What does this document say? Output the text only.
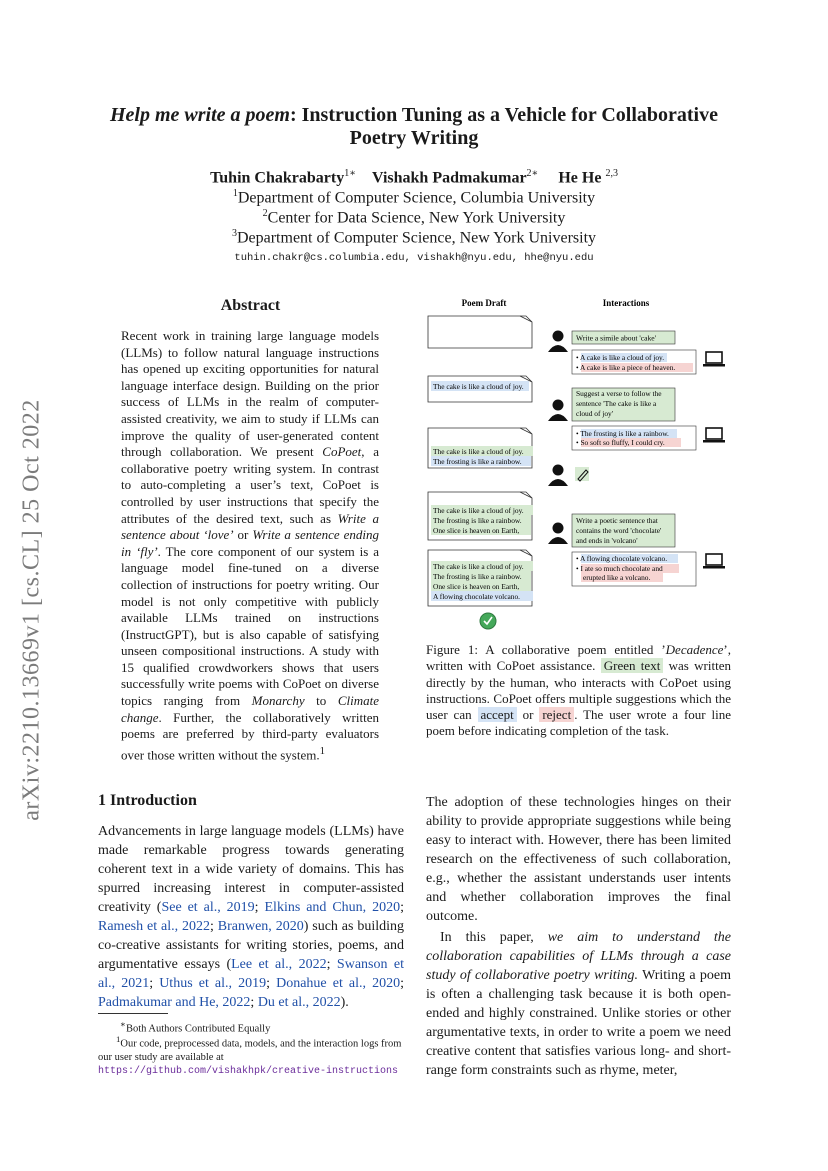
arXiv:2210.13669v1 [cs.CL] 25 Oct 2022
Help me write a poem: Instruction Tuning as a Vehicle for Collaborative
Poetry Writing
Tuhin Chakrabarty$^{1∗}$ Vishakh Padmakumar$^{2∗}$ He He $^{2,3}$
$^1$Department of Computer Science, Columbia University
$^2$Center for Data Science, New York University
$^3$Department of Computer Science, New York University
tuhin.chakr@cs.columbia.edu, vishakh@nyu.edu, hhe@nyu.edu
Abstract

Recent work in training large language models (LLMs) to follow natural language instructions has opened up exciting opportunities for natural language interface design. Building on the prior success of LLMs in the realm of computer-assisted creativity, we aim to study if LLMs can improve the quality of user-generated content through collaboration. We present CoPoet, a collaborative poetry writing system. In contrast to auto-completing a user’s text, CoPoet is controlled by user instructions that specify the attributes of the desired text, such as Write a sentence about ‘love’ or Write a sentence ending in ‘fly’. The core component of our system is a language model fine-tuned on a diverse collection of instructions for poetry writing. Our model is not only competitive with publicly available LLMs trained on instructions (InstructGPT), but is also capable of satisfying unseen compositional instructions. A study with 15 qualified crowdworkers shows that users successfully write poems with CoPoet on diverse topics ranging from Monarchy to Climate change. Further, the collaboratively written poems are preferred by third-party evaluators over those written without the system.$^1$

1 Introduction

Advancements in large language models (LLMs) have made remarkable progress towards generating coherent text in a wide variety of domains. This has spurred increasing interest in computer-assisted creativity (See et al., 2019; Elkins and Chun, 2020; Ramesh et al., 2022; Branwen, 2020) such as building co-creative assistants for writing stories, poems, and argumentative essays (Lee et al., 2022; Swanson et al., 2021; Uthus et al., 2019; Donahue et al., 2020; Padmakumar and He, 2022; Du et al., 2022).

∗Both Authors Contributed Equally
$^1$Our code, preprocessed data, models, and the interaction logs from our user study are available at https://github.com/vishakhpk/creative-instructions
Poem Draft	Interactions
Write a simile about 'cake'
• A cake is like a cloud of joy.
• A cake is like a piece of heaven.
The cake is like a cloud of joy.
Suggest a verse to follow the
sentence 'The cake is like a
cloud of joy'
• The frosting is like a rainbow.
• So soft so fluffy, I could cry.
The cake is like a cloud of joy.
The frosting is like a rainbow.
The cake is like a cloud of joy.
The frosting is like a rainbow.
One slice is heaven on Earth,
Write a poetic sentence that
contains the word 'chocolate'
and ends in 'volcano'
• A flowing chocolate volcano.
• I ate so much chocolate and
erupted like a volcano.
The cake is like a cloud of joy.
The frosting is like a rainbow.
One slice is heaven on Earth,
A flowing chocolate volcano.
Figure 1: A collaborative poem entitled ’Decadence’, written with CoPoet assistance. Green text was written directly by the human, who interacts with CoPoet using instructions. CoPoet offers multiple suggestions which the user can accept or reject . The user wrote a four line poem before indicating completion of the task.

The adoption of these technologies hinges on their ability to provide appropriate suggestions while being easy to interact with. However, there has been limited research on the effectiveness of such collaboration, e.g., whether the assistant understands user intents and whether collaboration improves the final outcome.

In this paper, we aim to understand the collaboration capabilities of LLMs through a case study of collaborative poetry writing. Writing a poem is often a challenging task because it is both open-ended and highly constrained. Unlike stories or other argumentative texts, in order to write a poem we need creative content that satisfies various long- and short-range form constraints such as rhyme, meter,
